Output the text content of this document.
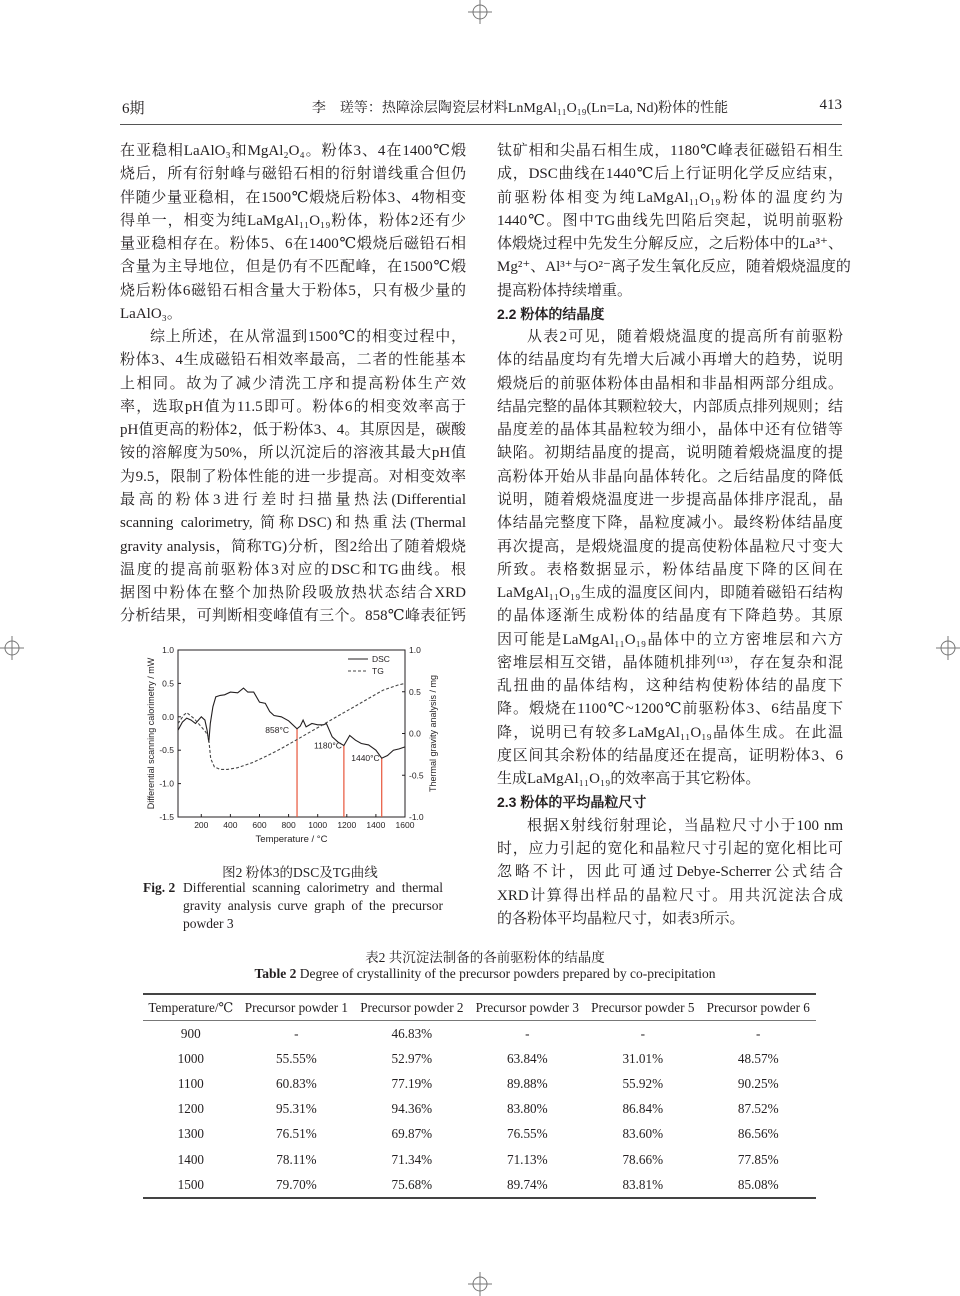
6期	李　瑳等：热障涂层陶瓷层材料LnMgAl₁₁O₁₉(Ln=La, Nd)粉体的性能	413
在亚稳相LaAlO₃和MgAl₂O₄。粉体3、4在1400℃煅
烧后，所有衍射峰与磁铅石相的衍射谱线重合但仍
伴随少量亚稳相，在1500℃煅烧后粉体3、4物相变
得单一，相变为纯LaMgAl₁₁O₁₉粉体，粉体2还有少
量亚稳相存在。粉体5、6在1400℃煅烧后磁铅石相
含量为主导地位，但是仍有不匹配峰，在1500℃煅
烧后粉体6磁铅石相含量大于粉体5，只有极少量的
LaAlO₃。
综上所述，在从常温到1500℃的相变过程中，
粉体3、4生成磁铅石相效率最高，二者的性能基本
上相同。故为了减少清洗工序和提高粉体生产效
率，选取pH值为11.5即可。粉体6的相变效率高于
pH值更高的粉体2，低于粉体3、4。其原因是，碳酸
铵的溶解度为50%，所以沉淀后的溶液其最大pH值
为9.5，限制了粉体性能的进一步提高。对相变效率
最高的粉体3进行差时扫描量热法(Differential
scanning calorimetry, 简称DSC)和热重法(Thermal
gravity analysis，简称TG)分析，图2给出了随着煅烧
温度的提高前驱粉体3对应的DSC和TG曲线。根
据图中粉体在整个加热阶段吸放热状态结合XRD
分析结果，可判断相变峰值有三个。858℃峰表征钙
钛矿相和尖晶石相生成，1180℃峰表征磁铅石相生
成，DSC曲线在1440℃后上行证明化学反应结束，
前驱粉体相变为纯LaMgAl₁₁O₁₉粉体的温度约为
1440℃。图中TG曲线先凹陷后突起，说明前驱粉
体煅烧过程中先发生分解反应，之后粉体中的La³⁺、
Mg²⁺、Al³⁺与O²⁻离子发生氧化反应，随着煅烧温度的
提高粉体持续增重。
2.2 粉体的结晶度
从表2可见，随着煅烧温度的提高所有前驱粉
体的结晶度均有先增大后减小再增大的趋势，说明
煅烧后的前驱体粉体由晶相和非晶相两部分组成。
结晶完整的晶体其颗粒较大，内部质点排列规则；结
晶度差的晶体其晶粒较为细小，晶体中还有位错等
缺陷。初期结晶度的提高，说明随着煅烧温度的提
高粉体开始从非晶向晶体转化。之后结晶度的降低
说明，随着煅烧温度进一步提高晶体排序混乱，晶
体结晶完整度下降，晶粒度减小。最终粉体结晶度
再次提高，是煅烧温度的提高使粉体晶粒尺寸变大
所致。表格数据显示，粉体结晶度下降的区间在
LaMgAl₁₁O₁₉生成的温度区间内，即随着磁铅石结构
的晶体逐渐生成粉体的结晶度有下降趋势。其原
因可能是LaMgAl₁₁O₁₉晶体中的立方密堆层和六方
密堆层相互交错，晶体随机排列⁽¹³⁾，存在复杂和混
乱扭曲的晶体结构，这种结构使粉体结的晶度下
降。煅烧在1100℃~1200℃前驱粉体3、6结晶度下
降，说明已有较多LaMgAl₁₁O₁₉晶体生成。在此温
度区间其余粉体的结晶度还在提高，证明粉体3、6
生成LaMgAl₁₁O₁₉的效率高于其它粉体。
2.3 粉体的平均晶粒尺寸
根据X射线衍射理论，当晶粒尺寸小于100 nm
时，应力引起的宽化和晶粒尺寸引起的宽化相比可
忽略不计，因此可通过Debye-Scherrer公式结合
XRD计算得出样品的晶粒尺寸。用共沉淀法合成
的各粉体平均晶粒尺寸，如表3所示。
200 400 600 800 1000 1200 1400 1600
1.0
0.5
0.0
-0.5
-1.0
-1.5
1.0
0.5
0.0
-0.5
-1.0
Temperature / °C
Differential scanning calorimetry / mW	Thermal gravity analysis / mg
858°C
1180°C
1440°C
DSC
TG
图2 粉体3的DSC及TG曲线
Fig. 2 Differential scanning calorimetry and thermal gravity analysis curve graph of the precursor powder 3
表2 共沉淀法制备的各前驱粉体的结晶度
Table 2 Degree of crystallinity of the precursor powders prepared by co-precipitation
Temperature/℃	Precursor powder 1	Precursor powder 2	Precursor powder 3	Precursor powder 5	Precursor powder 6
900	-	46.83%	-	-	-
1000	55.55%	52.97%	63.84%	31.01%	48.57%
1100	60.83%	77.19%	89.88%	55.92%	90.25%
1200	95.31%	94.36%	83.80%	86.84%	87.52%
1300	76.51%	69.87%	76.55%	83.60%	86.56%
1400	78.11%	71.34%	71.13%	78.66%	77.85%
1500	79.70%	75.68%	89.74%	83.81%	85.08%
